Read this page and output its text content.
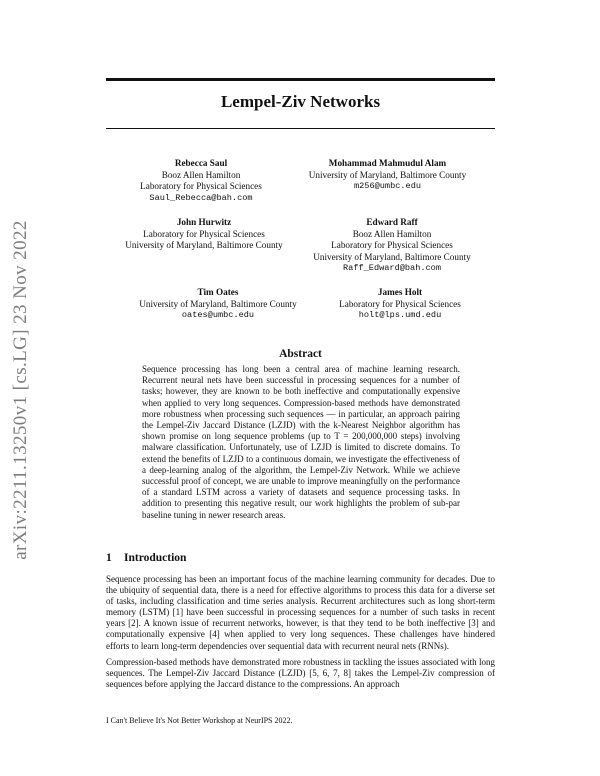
arXiv:2211.13250v1 [cs.LG] 23 Nov 2022
Lempel-Ziv Networks
Rebecca Saul
Booz Allen Hamilton
Laboratory for Physical Sciences
Saul_Rebecca@bah.com
Mohammad Mahmudul Alam
University of Maryland, Baltimore County
m256@umbc.edu
John Hurwitz
Laboratory for Physical Sciences
University of Maryland, Baltimore County
Edward Raff
Booz Allen Hamilton
Laboratory for Physical Sciences
University of Maryland, Baltimore County
Raff_Edward@bah.com
Tim Oates
University of Maryland, Baltimore County
oates@umbc.edu
James Holt
Laboratory for Physical Sciences
holt@lps.umd.edu
Abstract
Sequence processing has long been a central area of machine learning research. Recurrent neural nets have been successful in processing sequences for a number of tasks; however, they are known to be both ineffective and computationally expensive when applied to very long sequences. Compression-based methods have demonstrated more robustness when processing such sequences — in particular, an approach pairing the Lempel-Ziv Jaccard Distance (LZJD) with the k-Nearest Neighbor algorithm has shown promise on long sequence problems (up to T = 200,000,000 steps) involving malware classification. Unfortunately, use of LZJD is limited to discrete domains. To extend the benefits of LZJD to a continuous domain, we investigate the effectiveness of a deep-learning analog of the algorithm, the Lempel-Ziv Network. While we achieve successful proof of concept, we are unable to improve meaningfully on the performance of a standard LSTM across a variety of datasets and sequence processing tasks. In addition to presenting this negative result, our work highlights the problem of sub-par baseline tuning in newer research areas.
1 Introduction

Sequence processing has been an important focus of the machine learning community for decades. Due to the ubiquity of sequential data, there is a need for effective algorithms to process this data for a diverse set of tasks, including classification and time series analysis. Recurrent architectures such as long short-term memory (LSTM) [1] have been successful in processing sequences for a number of such tasks in recent years [2]. A known issue of recurrent networks, however, is that they tend to be both ineffective [3] and computationally expensive [4] when applied to very long sequences. These challenges have hindered efforts to learn long-term dependencies over sequential data with recurrent neural nets (RNNs).

Compression-based methods have demonstrated more robustness in tackling the issues associated with long sequences. The Lempel-Ziv Jaccard Distance (LZJD) [5, 6, 7, 8] takes the Lempel-Ziv compression of sequences before applying the Jaccard distance to the compressions. An approach

I Can't Believe It's Not Better Workshop at NeurIPS 2022.
